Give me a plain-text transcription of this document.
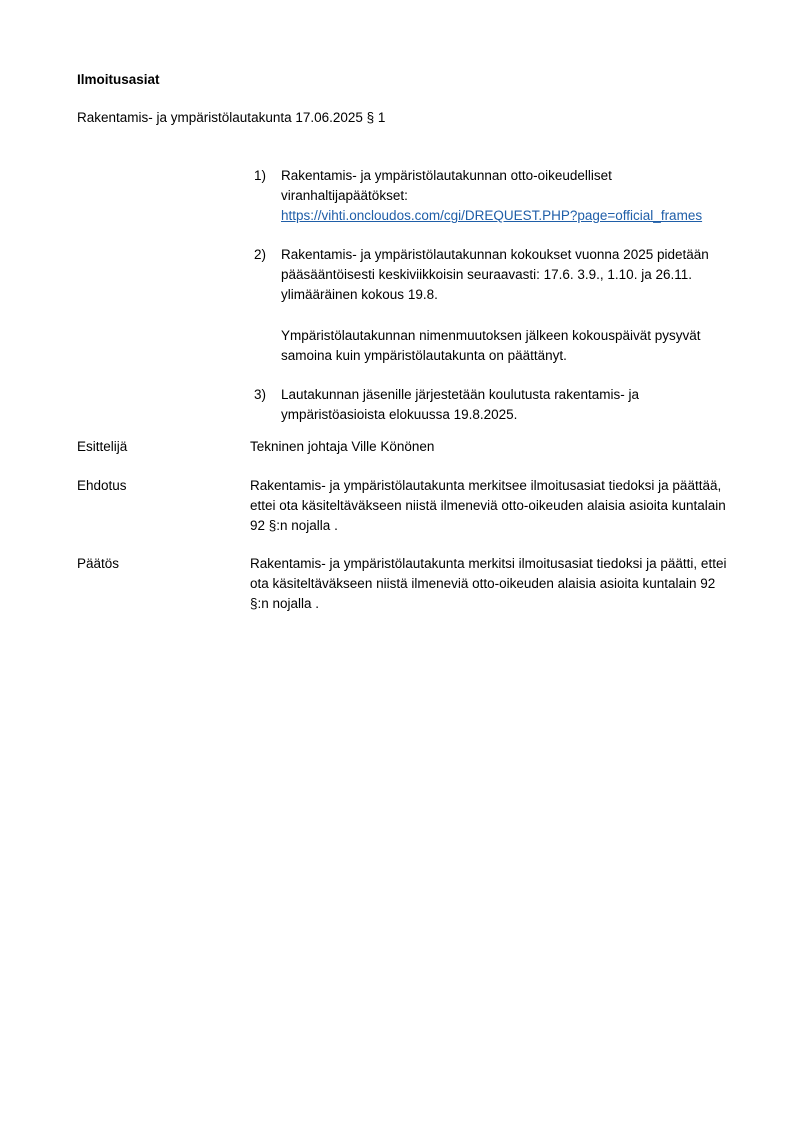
Ilmoitusasiat
Rakentamis- ja ympäristölautakunta 17.06.2025 § 1
1) Rakentamis- ja ympäristölautakunnan otto-oikeudelliset viranhaltijapäätökset:
https://vihti.oncloudos.com/cgi/DREQUEST.PHP?page=official_frames

2) Rakentamis- ja ympäristölautakunnan kokoukset vuonna 2025 pidetään pääsääntöisesti keskiviikkoisin seuraavasti: 17.6. 3.9., 1.10. ja 26.11. ylimääräinen kokous 19.8.

Ympäristölautakunnan nimenmuutoksen jälkeen kokouspäivät pysyvät samoina kuin ympäristölautakunta on päättänyt.

3) Lautakunnan jäsenille järjestetään koulutusta rakentamis- ja ympäristöasioista elokuussa 19.8.2025.

Esittelijä	Tekninen johtaja Ville Könönen
Ehdotus	Rakentamis- ja ympäristölautakunta merkitsee ilmoitusasiat tiedoksi ja päättää, ettei ota käsiteltäväkseen niistä ilmeneviä otto-oikeuden alaisia asioita kuntalain 92 §:n nojalla .
Päätös	Rakentamis- ja ympäristölautakunta merkitsi ilmoitusasiat tiedoksi ja päätti, ettei ota käsiteltäväkseen niistä ilmeneviä otto-oikeuden alaisia asioita kuntalain 92 §:n nojalla .
